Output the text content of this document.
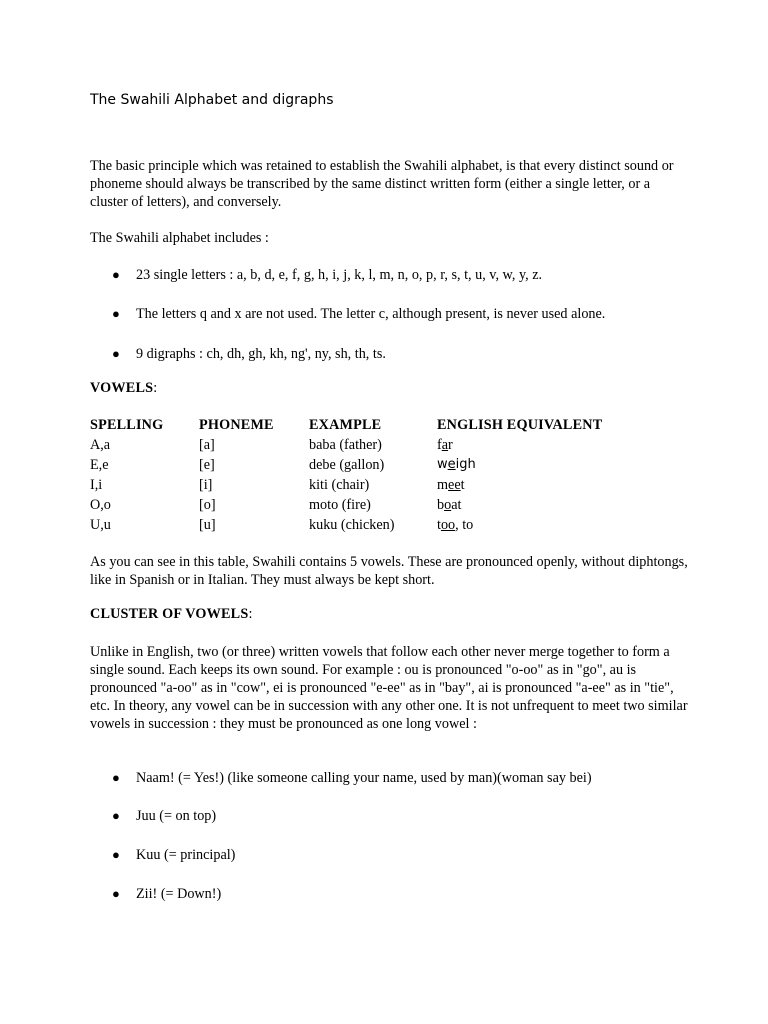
The Swahili Alphabet and digraphs

The basic principle which was retained to establish the Swahili alphabet, is that every distinct sound or phoneme should always be transcribed by the same distinct written form (either a single letter, or a cluster of letters), and conversely.

The Swahili alphabet includes :

● 23 single letters : a, b, d, e, f, g, h, i, j, k, l, m, n, o, p, r, s, t, u, v, w, y, z.
● The letters q and x are not used. The letter c, although present, is never used alone.
● 9 digraphs : ch, dh, gh, kh, ng', ny, sh, th, ts.
VOWELS:
SPELLING	PHONEME	EXAMPLE	ENGLISH EQUIVALENT
A,a	[a]	baba (father)	far
E,e	[e]	debe (gallon)	weigh
I,i	[i]	kiti (chair)	meet
O,o	[o]	moto (fire)	boat
U,u	[u]	kuku (chicken)	too, to

As you can see in this table, Swahili contains 5 vowels. These are pronounced openly, without diphtongs, like in Spanish or in Italian. They must always be kept short.

CLUSTER OF VOWELS:

Unlike in English, two (or three) written vowels that follow each other never merge together to form a single sound. Each keeps its own sound. For example : ou is pronounced "o-oo" as in "go", au is pronounced "a-oo" as in "cow", ei is pronounced "e-ee" as in "bay", ai is pronounced "a-ee" as in "tie", etc. In theory, any vowel can be in succession with any other one. It is not unfrequent to meet two similar vowels in succession : they must be pronounced as one long vowel :

● Naam! (= Yes!) (like someone calling your name, used by man)(woman say bei)
● Juu (= on top)
● Kuu (= principal)
● Zii! (= Down!)
